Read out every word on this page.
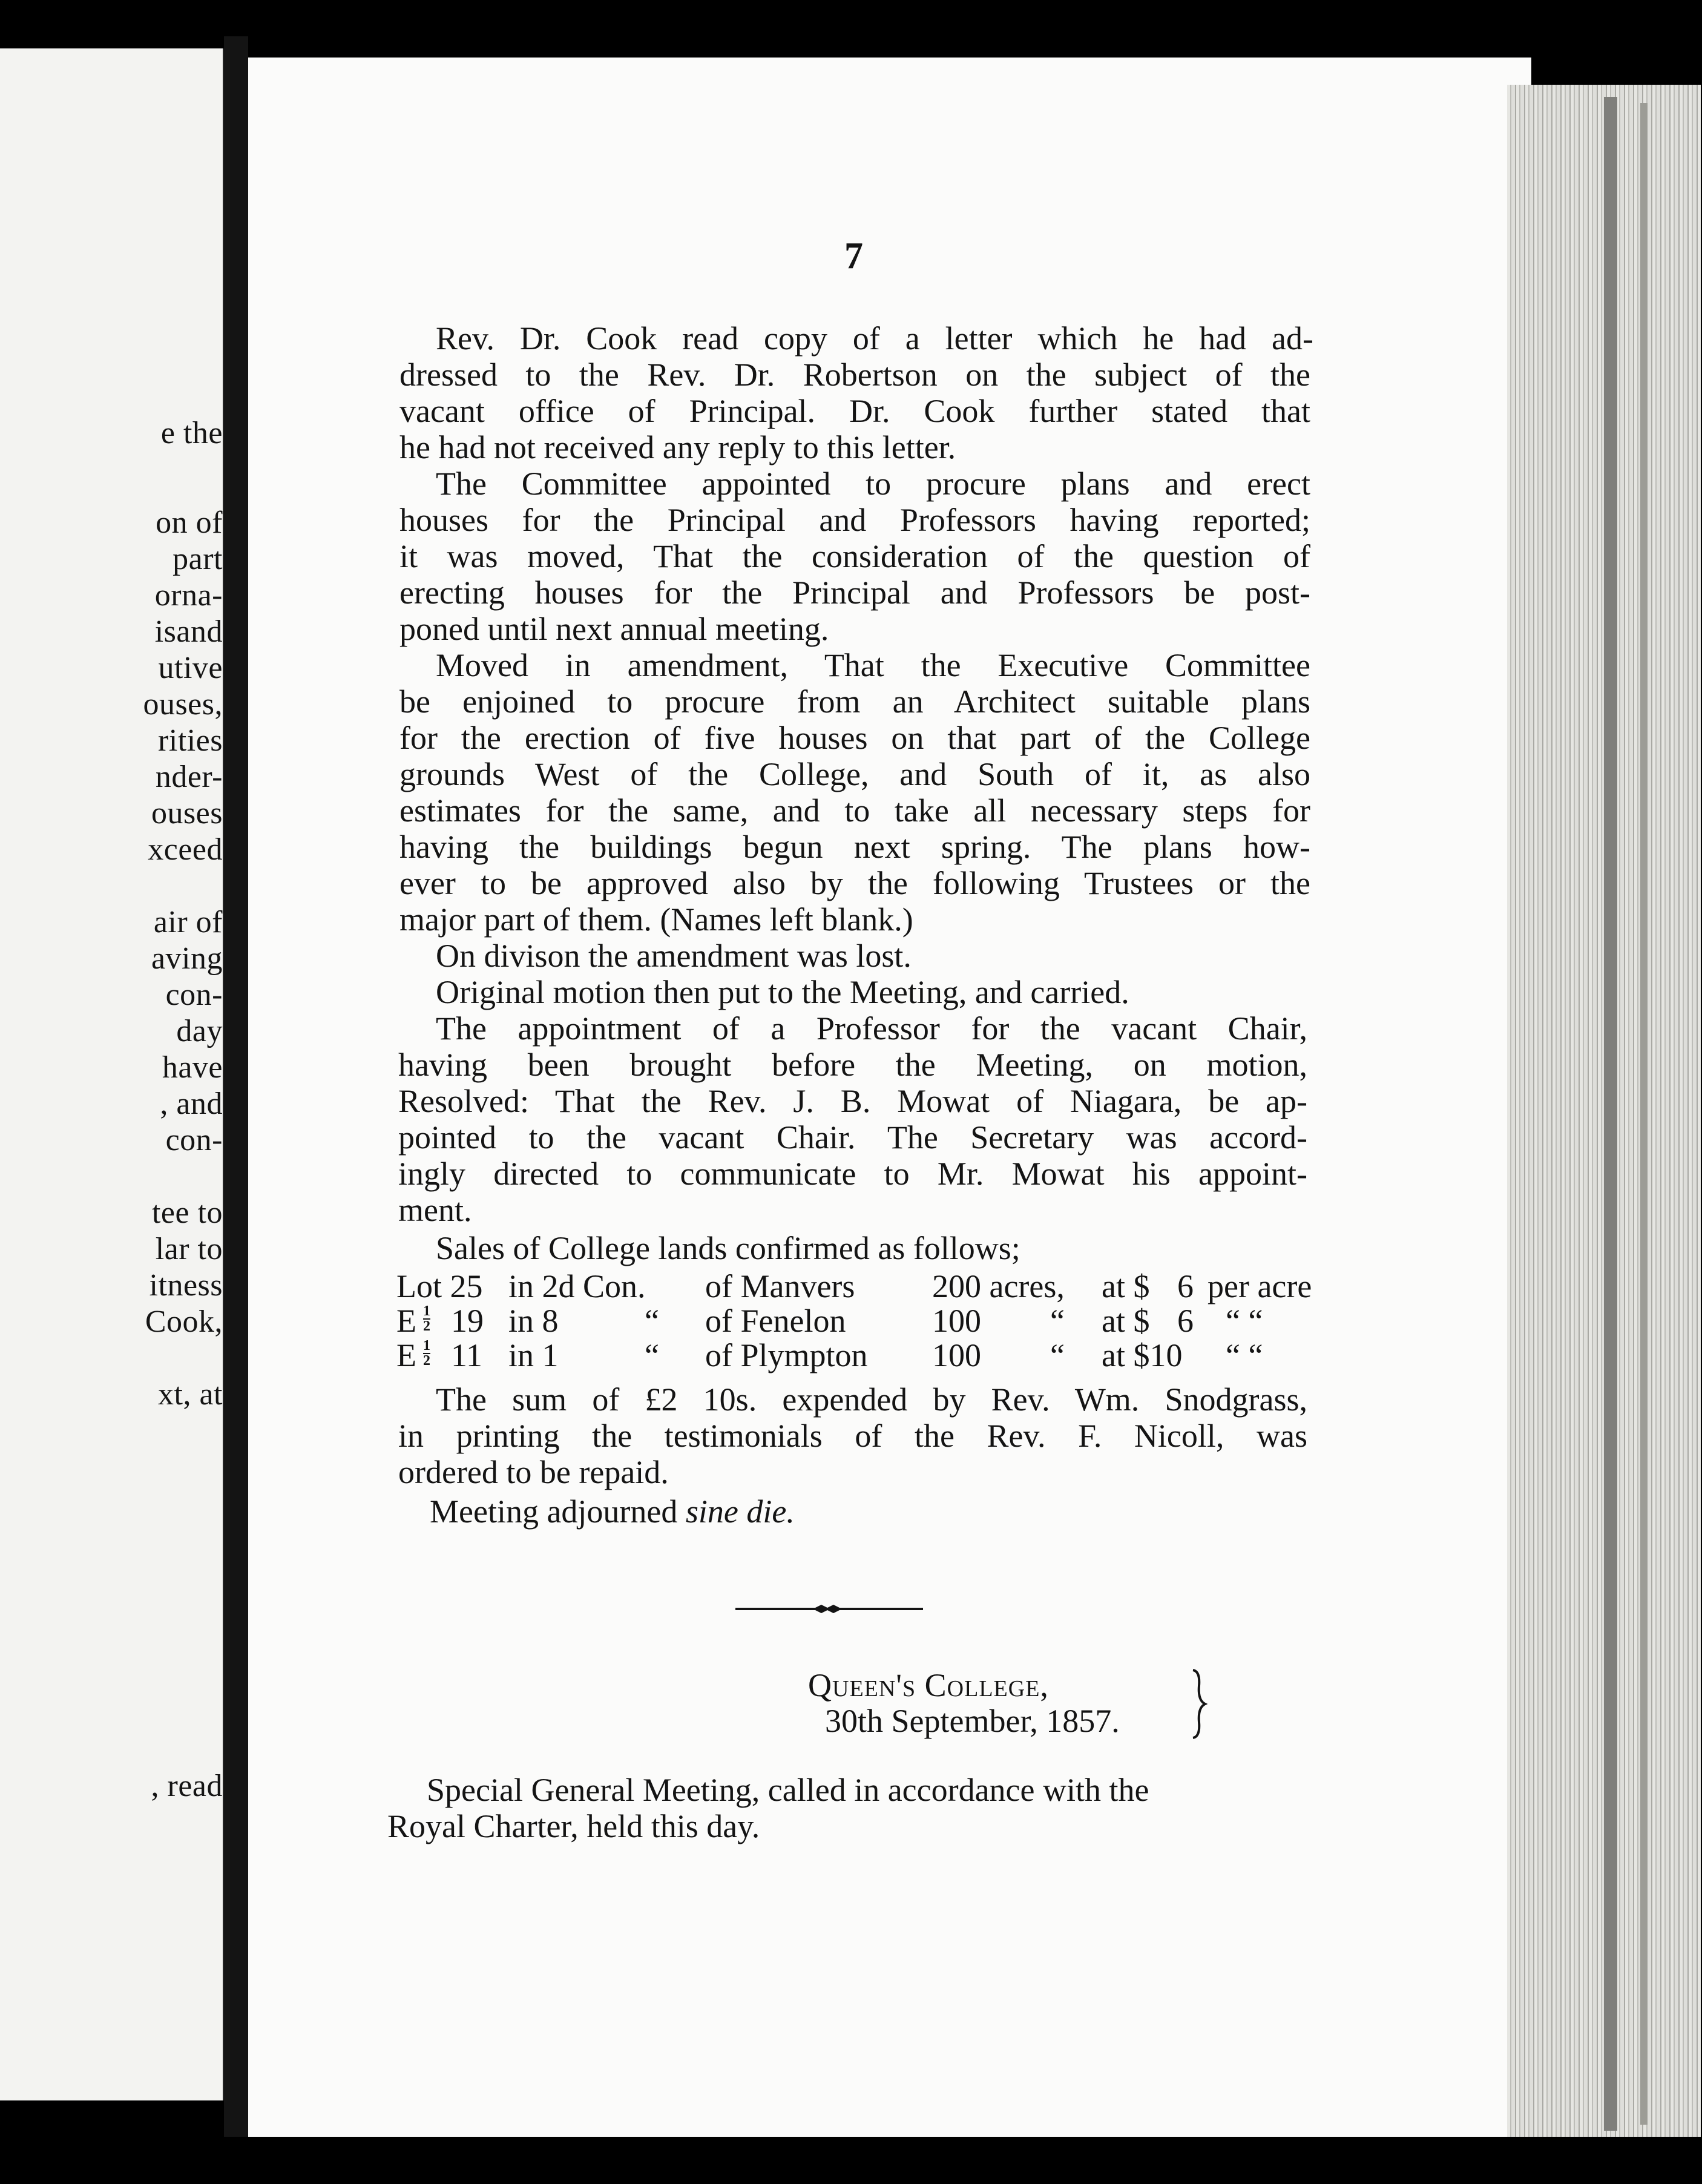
e the
on of
part
orna-
isand
utive
ouses,
rities
nder-
ouses
xceed
air of
aving
con-
day
have
, and
con-
tee to
lar to
itness
Cook,
xt, at
, read
7
Rev. Dr. Cook read copy of a letter which he had ad-
dressed to the Rev. Dr. Robertson on the subject of the
vacant office of Principal. Dr. Cook further stated that
he had not received any reply to this letter.
The Committee appointed to procure plans and erect
houses for the Principal and Professors having reported;
it was moved, That the consideration of the question of
erecting houses for the Principal and Professors be post-
poned until next annual meeting.
Moved in amendment, That the Executive Committee
be enjoined to procure from an Architect suitable plans
for the erection of five houses on that part of the College
grounds West of the College, and South of it, as also
estimates for the same, and to take all necessary steps for
having the buildings begun next spring. The plans how-
ever to be approved also by the following Trustees or the
major part of them. (Names left blank.)
On divison the amendment was lost.
Original motion then put to the Meeting, and carried.
The appointment of a Professor for the vacant Chair,
having been brought before the Meeting, on motion,
Resolved: That the Rev. J. B. Mowat of Niagara, be ap-
pointed to the vacant Chair. The Secretary was accord-
ingly directed to communicate to Mr. Mowat his appoint-
ment.
Sales of College lands confirmed as follows;
Lot 25 in 2d Con. of Manvers 200 acres, at $ 6 per acre
E $\frac{1}{2} 19$ in 8	“ of Fenelon	100 “ at $ 6 “ “
E $\frac{1}{2} 11$ in 1	“ of Plympton 100 “ at $10 “ “
The sum of £2 10s. expended by Rev. Wm. Snodgrass,
in printing the testimonials of the Rev. F. Nicoll, was
ordered to be repaid.
Meeting adjourned sine die.
Queen's College,
30th September, 1857.
Special General Meeting, called in accordance with the
Royal Charter, held this day.
